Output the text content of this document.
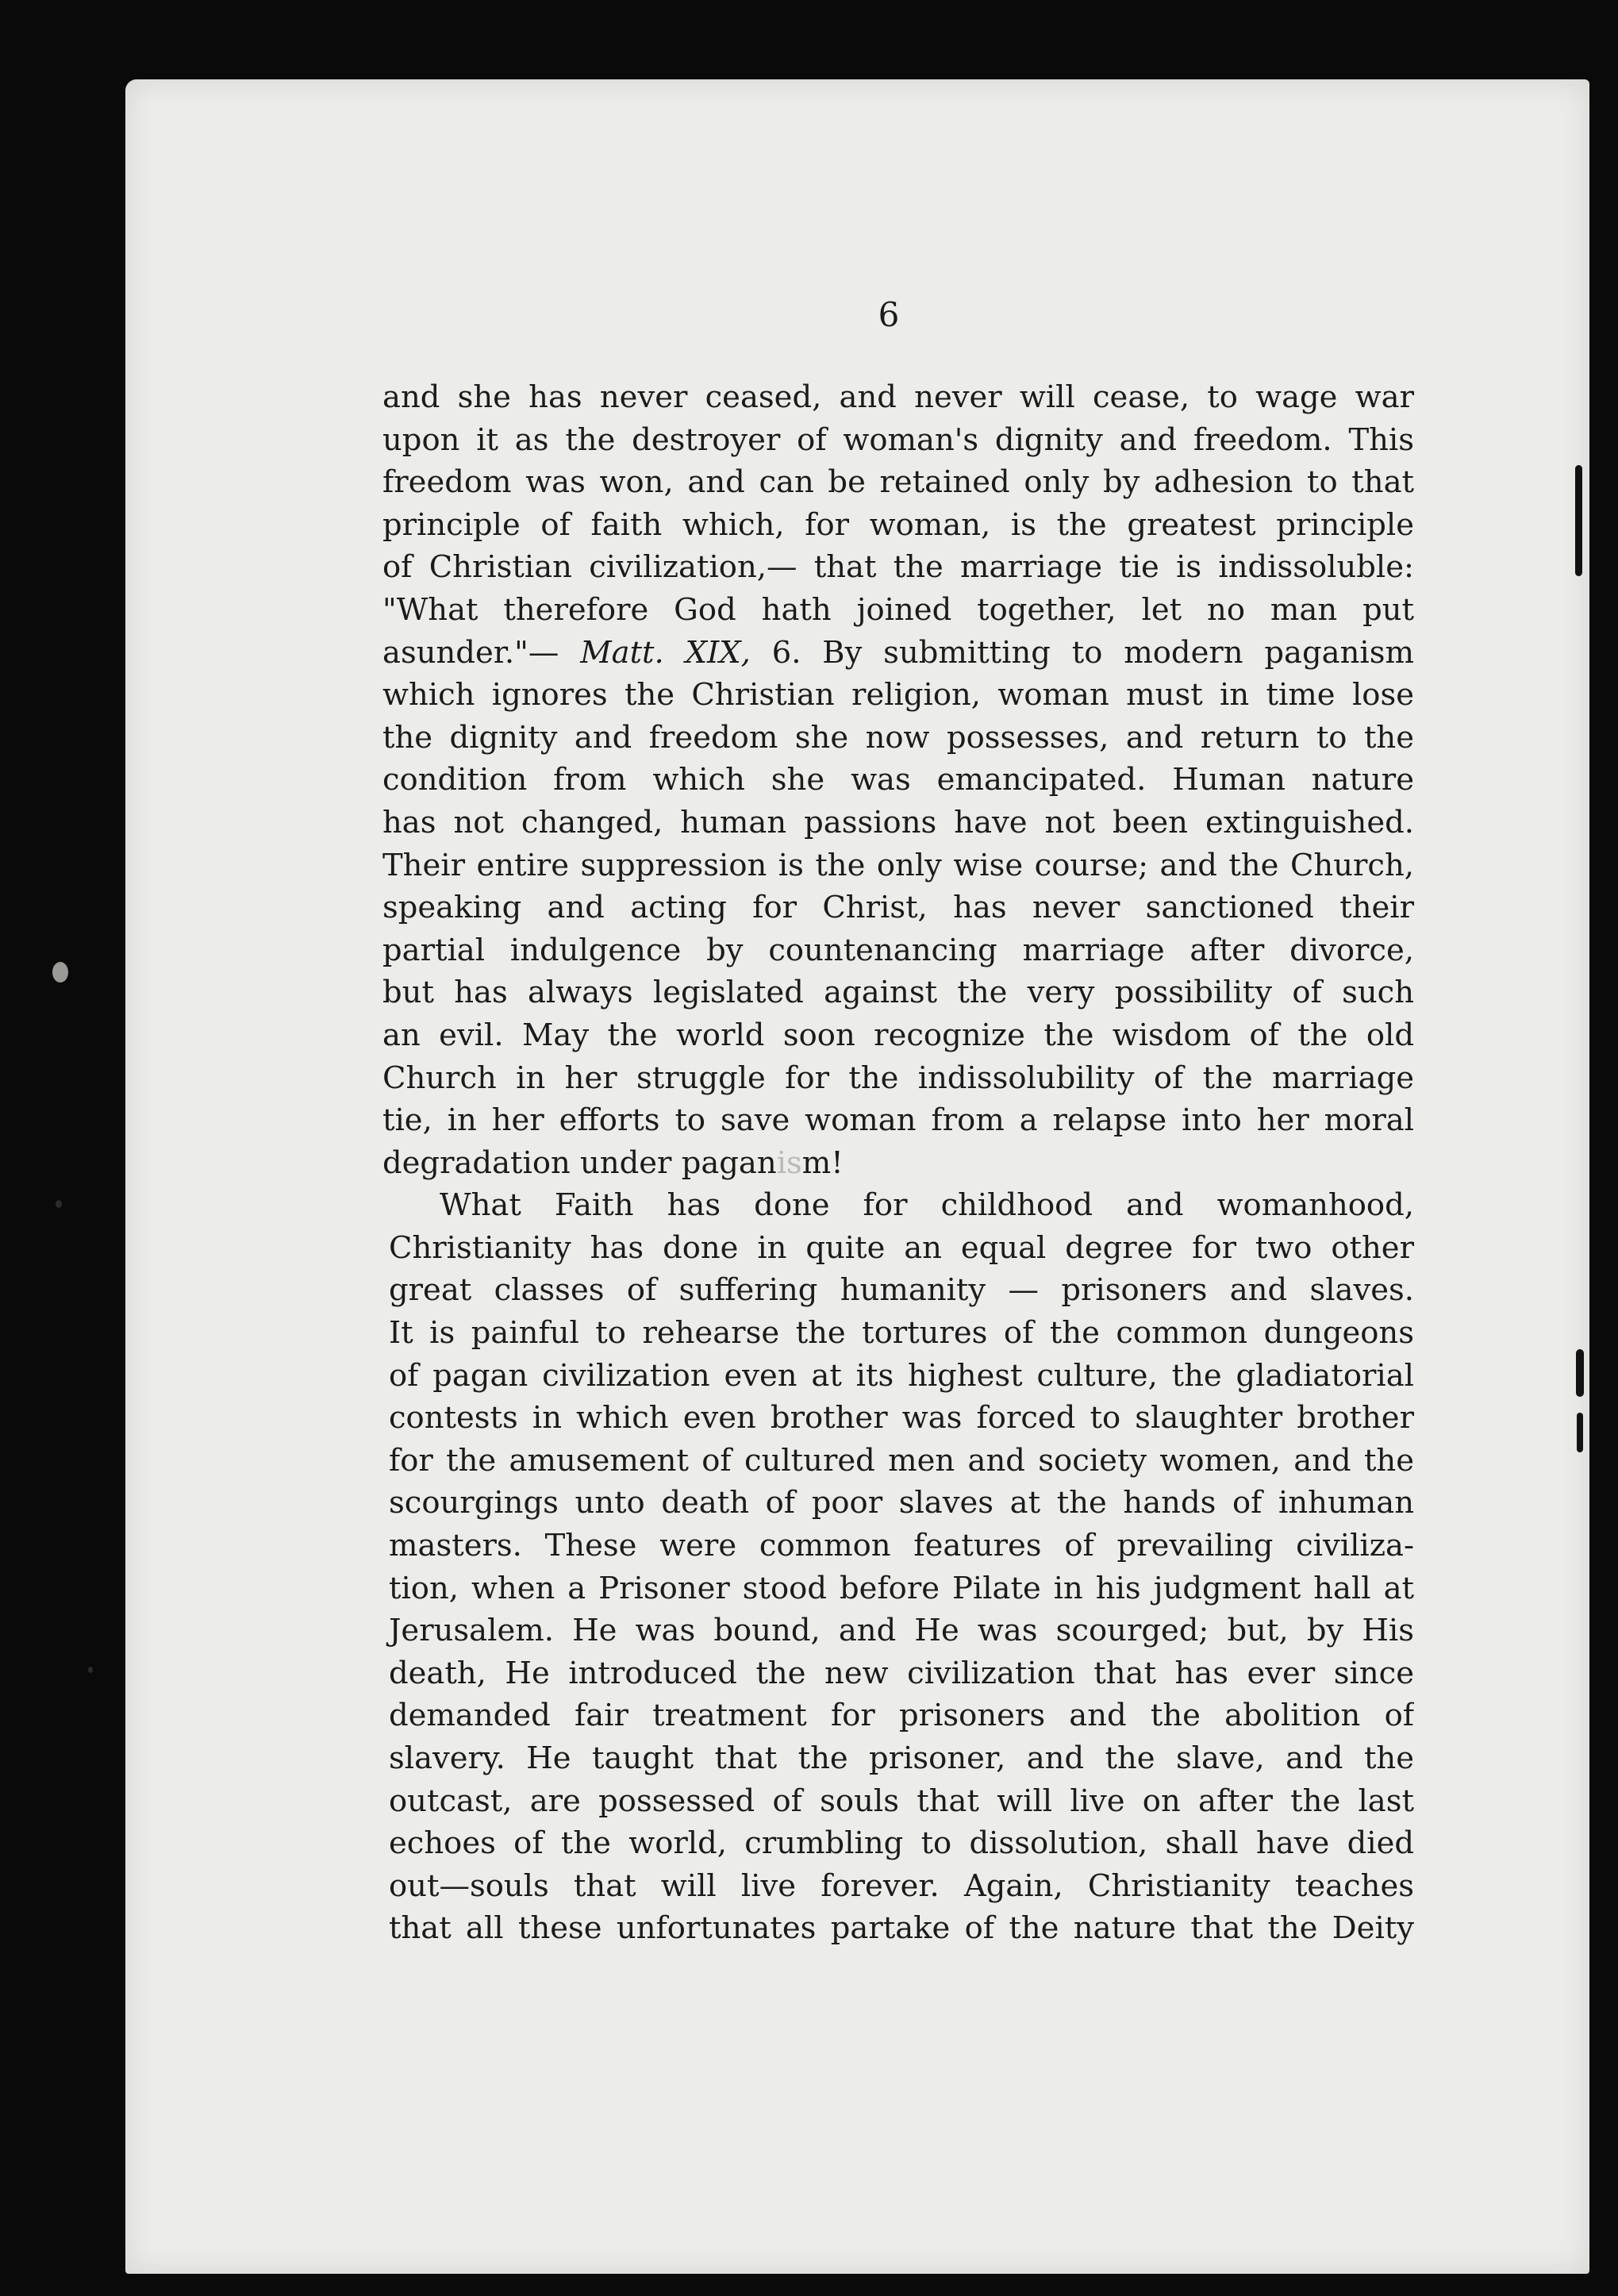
6
and she has never ceased, and never will cease, to wage war
upon it as the destroyer of woman's dignity and freedom. This
freedom was won, and can be retained only by adhesion to that
principle of faith which, for woman, is the greatest principle
of Christian civilization,— that the marriage tie is indissoluble:
"What therefore God hath joined together, let no man put
asunder."— Matt. XIX, 6. By submitting to modern paganism
which ignores the Christian religion, woman must in time lose
the dignity and freedom she now possesses, and return to the
condition from which she was emancipated. Human nature
has not changed, human passions have not been extinguished.
Their entire suppression is the only wise course; and the Church,
speaking and acting for Christ, has never sanctioned their
partial indulgence by countenancing marriage after divorce,
but has always legislated against the very possibility of such
an evil. May the world soon recognize the wisdom of the old
Church in her struggle for the indissolubility of the marriage
tie, in her efforts to save woman from a relapse into her moral
degradation under paganism!
What Faith has done for childhood and womanhood,
Christianity has done in quite an equal degree for two other
great classes of suffering humanity — prisoners and slaves.
It is painful to rehearse the tortures of the common dungeons
of pagan civilization even at its highest culture, the gladiatorial
contests in which even brother was forced to slaughter brother
for the amusement of cultured men and society women, and the
scourgings unto death of poor slaves at the hands of inhuman
masters. These were common features of prevailing civiliza-
tion, when a Prisoner stood before Pilate in his judgment hall at
Jerusalem. He was bound, and He was scourged; but, by His
death, He introduced the new civilization that has ever since
demanded fair treatment for prisoners and the abolition of
slavery. He taught that the prisoner, and the slave, and the
outcast, are possessed of souls that will live on after the last
echoes of the world, crumbling to dissolution, shall have died
out—souls that will live forever. Again, Christianity teaches
that all these unfortunates partake of the nature that the Deity
